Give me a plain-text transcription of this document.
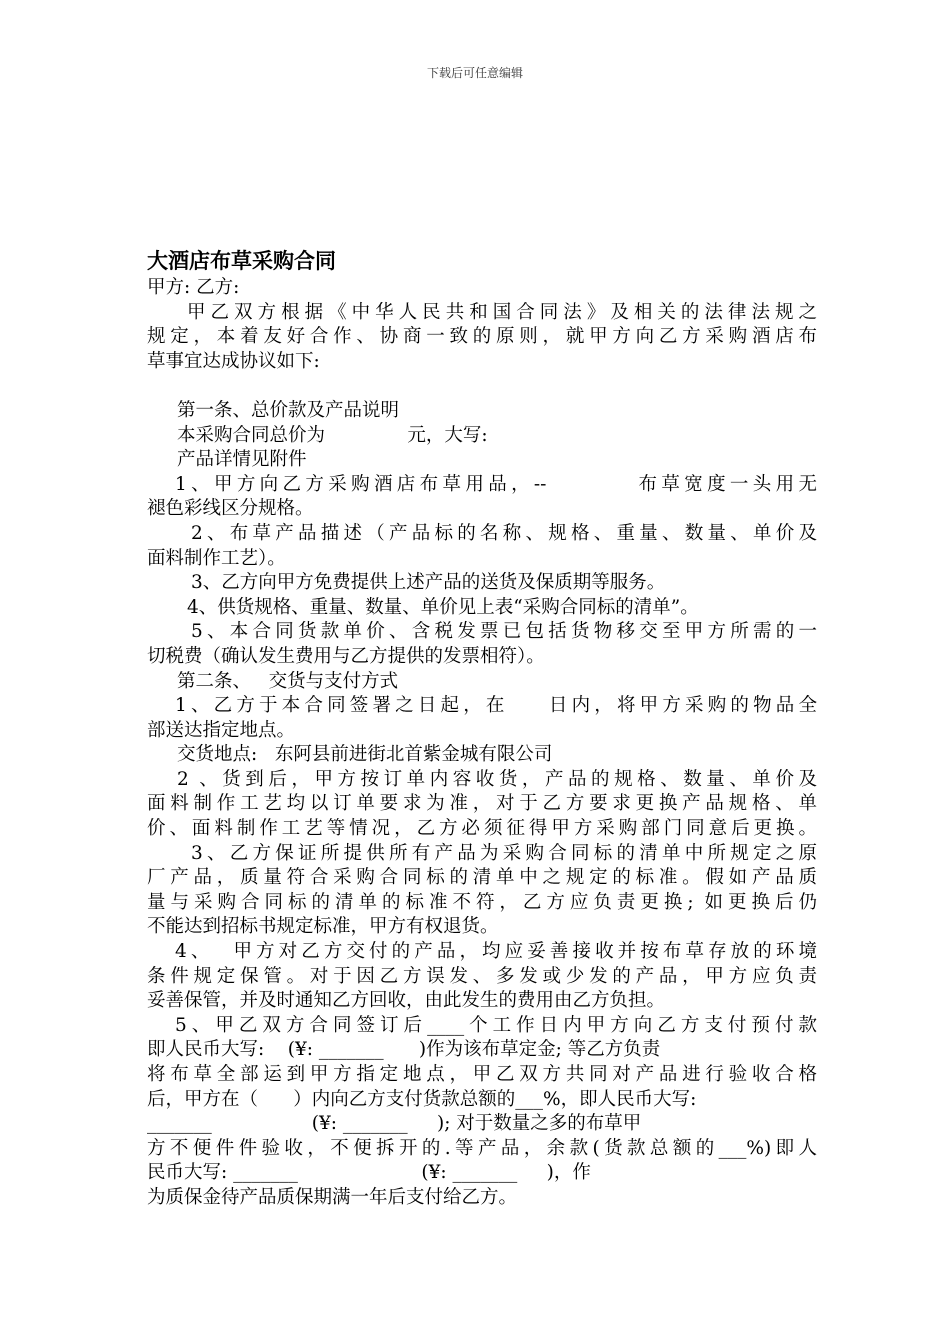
下载后可任意编辑
大酒店布草采购合同
甲方: 乙方:
甲乙双方根据《中华人民共和国合同法》及相关的法律法规之
规定，本着友好合作、协商一致的原则，就甲方向乙方采购酒店布
草事宜达成协议如下:
第一条、总价款及产品说明
本采购合同总价为              元，大写:
产品详情见附件
1、甲方向乙方采购酒店布草用品，--         布草宽度一头用无
褪色彩线区分规格。
2、布草产品描述（产品标的名称、规格、重量、数量、单价及
面料制作工艺）。
3、乙方向甲方免费提供上述产品的送货及保质期等服务。
4、供货规格、重量、数量、单价见上表“采购合同标的清单”。
5、本合同货款单价、含税发票已包括货物移交至甲方所需的一
切税费（确认发生费用与乙方提供的发票相符）。
第二条、   交货与支付方式
1、乙方于本合同签署之日起，在    日内，将甲方采购的物品全
部送达指定地点。
交货地点:   东阿县前进街北首紫金城有限公司
2 、货到后，甲方按订单内容收货，产品的规格、数量、单价及
面料制作工艺均以订单要求为准，对于乙方要求更换产品规格、单
价、面料制作工艺等情况，乙方必须征得甲方采购部门同意后更换。
3、乙方保证所提供所有产品为采购合同标的清单中所规定之原
厂产品，质量符合采购合同标的清单中之规定的标准。假如产品质
量与采购合同标的清单的标准不符，乙方应负责更换; 如更换后仍
不能达到招标书规定标准，甲方有权退货。
4、  甲方对乙方交付的产品，均应妥善接收并按布草存放的环境
条件规定保管。对于因乙方误发、多发或少发的产品，甲方应负责
妥善保管，并及时通知乙方回收，由此发生的费用由乙方负担。
5、甲乙双方合同签订后____个工作日内甲方向乙方支付预付款
即人民币大写:    (¥: _______      )作为该布草定金; 等乙方负责
将布草全部运到甲方指定地点，甲乙双方共同对产品进行验收合格
后，甲方在（      ）内向乙方支付货款总额的___%，即人民币大写:
_______                 (¥: _______     ); 对于数量之多的布草甲
方不便件件验收，不便拆开的.等产品，余款(货款总额的___%)即人
民币大写: _______                     (¥: _______     )，作
为质保金待产品质保期满一年后支付给乙方。
